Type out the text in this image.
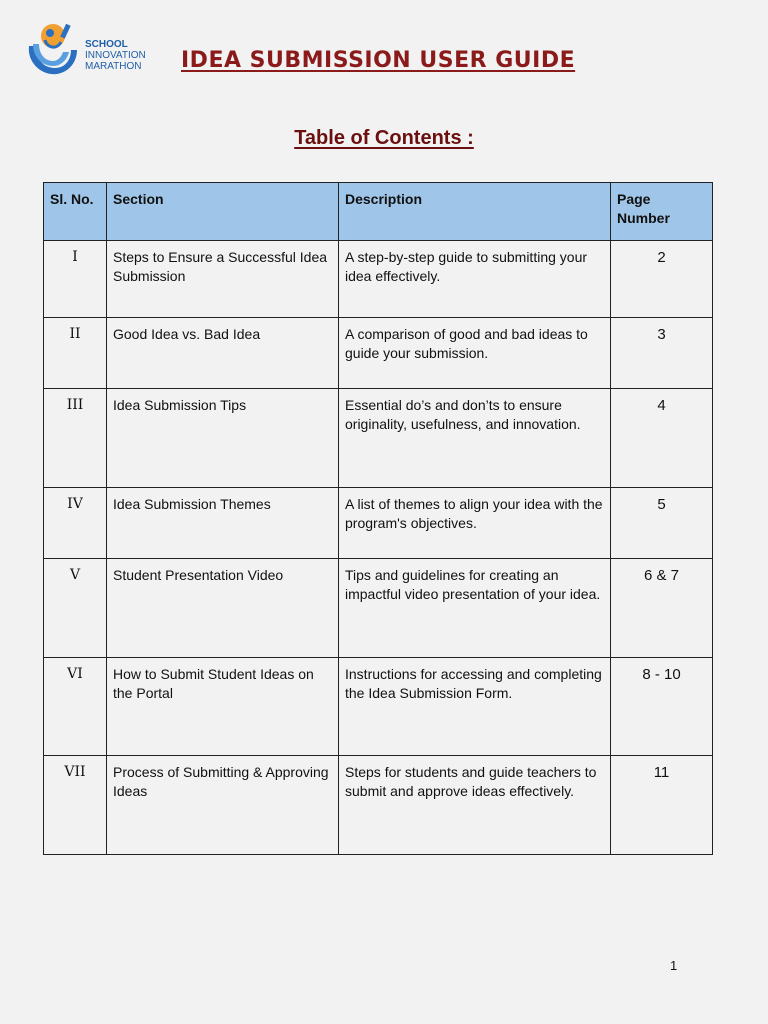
SCHOOL
INNOVATION
MARATHON IDEA SUBMISSION USER GUIDE
Table of Contents :
Sl. No.	Section	Description	Page Number
I	Steps to Ensure a Successful Idea Submission	A step-by-step guide to submitting your idea effectively.	2
II	Good Idea vs. Bad Idea	A comparison of good and bad ideas to guide your submission.	3
III	Idea Submission Tips	Essential do’s and don’ts to ensure originality, usefulness, and innovation.	4
IV	Idea Submission Themes	A list of themes to align your idea with the program's objectives.	5
V	Student Presentation Video	Tips and guidelines for creating an impactful video presentation of your idea.	6 & 7
VI	How to Submit Student Ideas on the Portal	Instructions for accessing and completing the Idea Submission Form.	8 - 10
VII	Process of Submitting & Approving Ideas	Steps for students and guide teachers to submit and approve ideas effectively.	11
1
